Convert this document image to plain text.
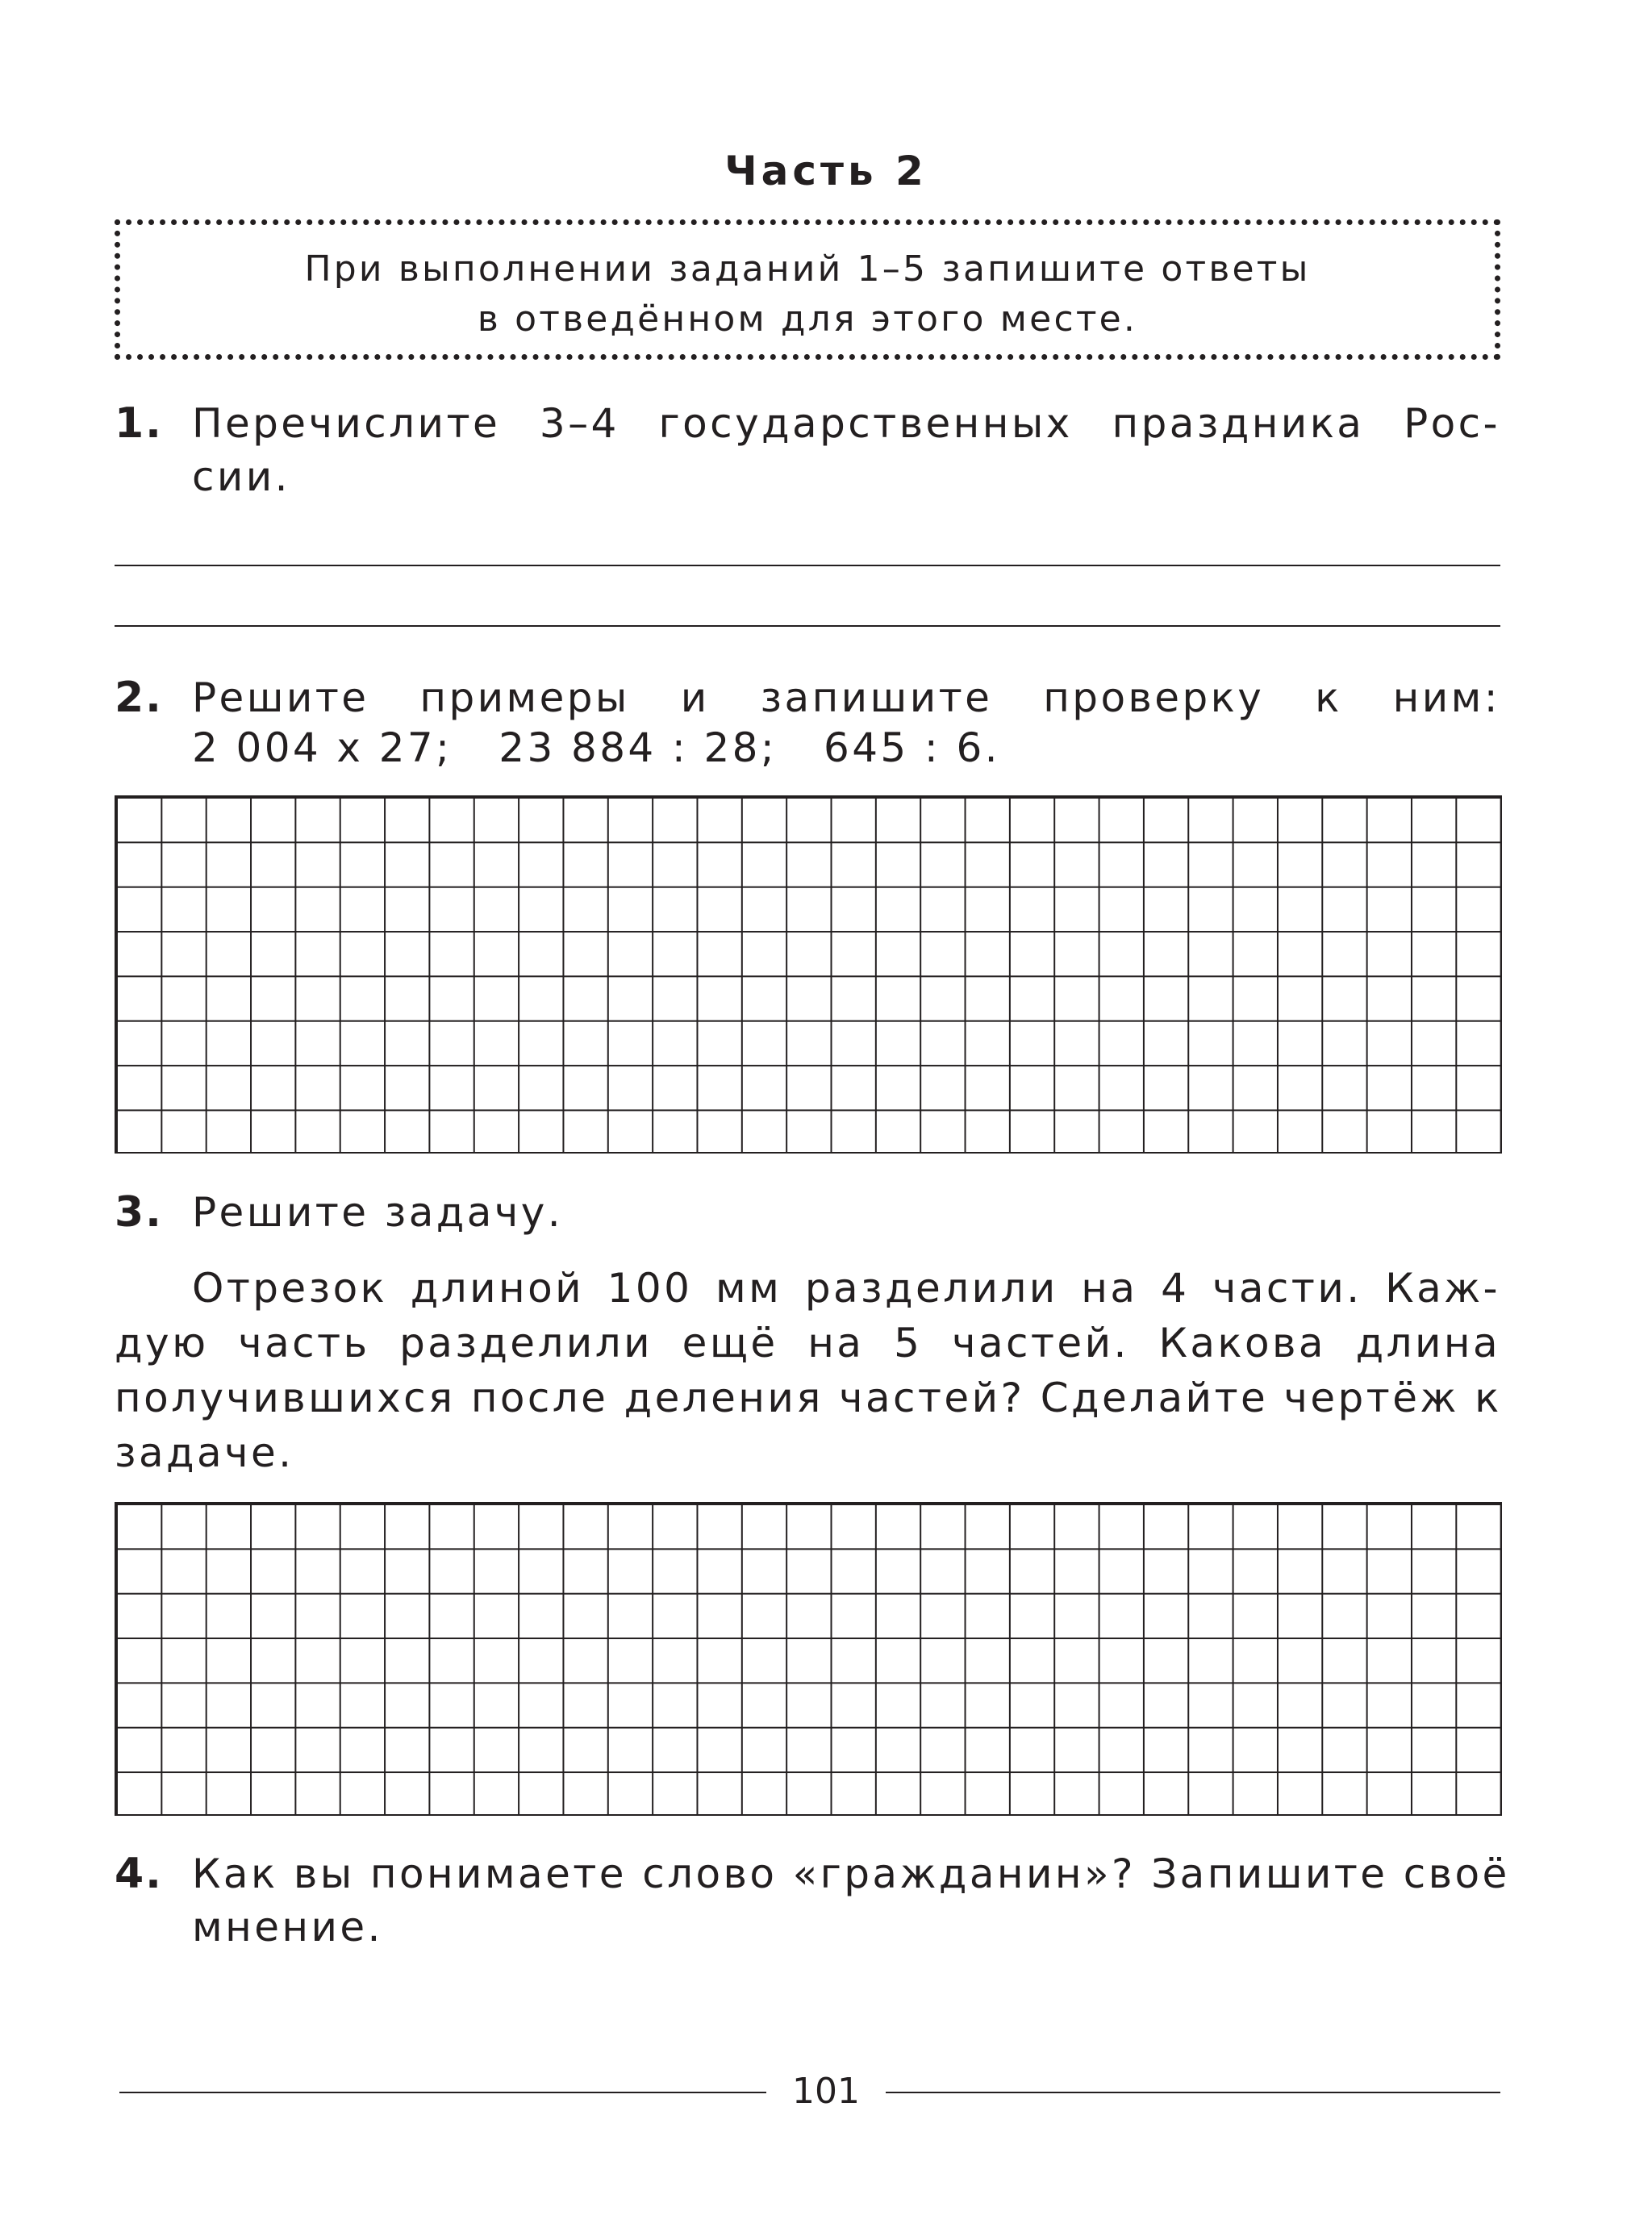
Часть 2
При выполнении заданий 1–5 запишите ответы
в отведённом для этого месте.
1. Перечислите 3–4 государственных праздника Рос-
сии.
2. Решите примеры и запишите проверку к ним:
2 004 х 27;   23 884 : 28;   645 : 6.
3. Решите задачу.
Отрезок длиной 100 мм разделили на 4 части. Каж-
дую часть разделили ещё на 5 частей. Какова длина
получившихся после деления частей? Сделайте чертёж к
задаче.
4. Как вы понимаете слово «гражданин»? Запишите своё
мнение.
101
